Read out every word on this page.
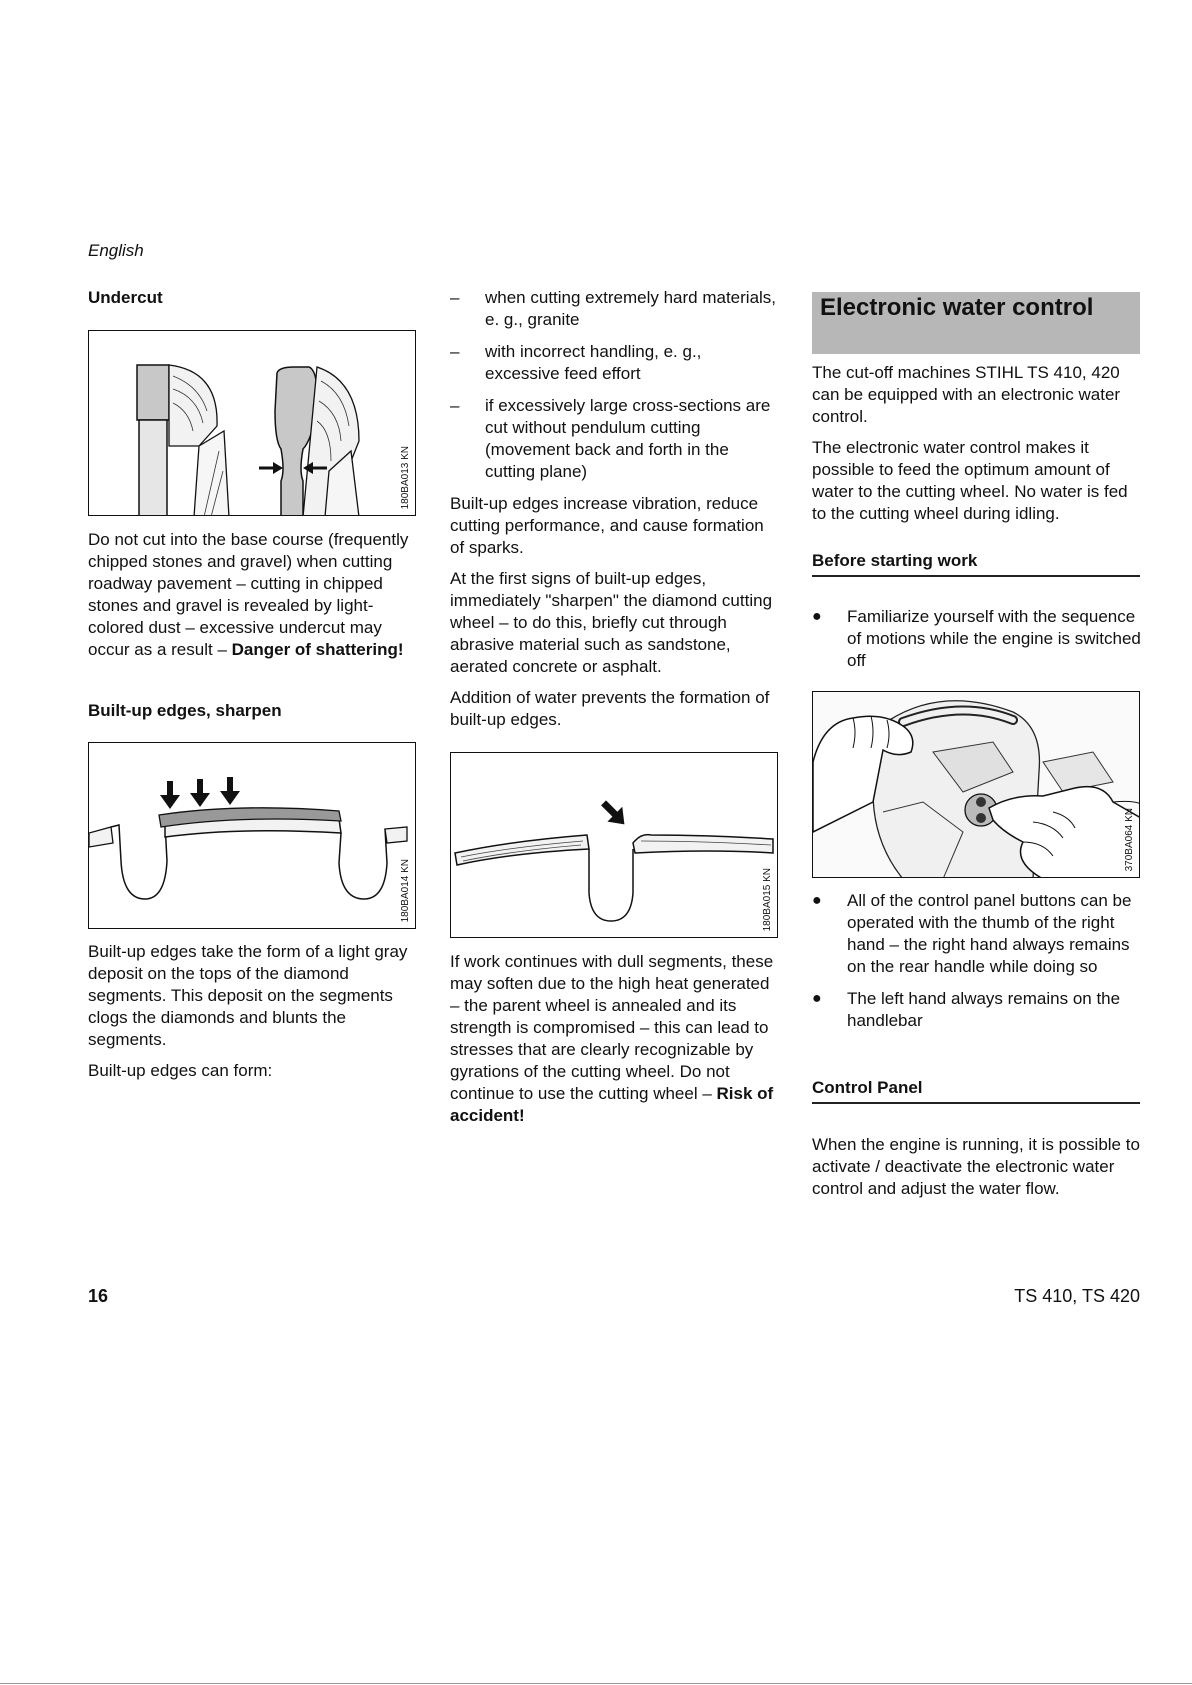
English
Undercut
180BA013 KN

Do not cut into the base course (frequently chipped stones and gravel) when cutting roadway pavement – cutting in chipped stones and gravel is revealed by light-colored dust – excessive undercut may occur as a result – Danger of shattering!

Built-up edges, sharpen
180BA014 KN

Built-up edges take the form of a light gray deposit on the tops of the diamond segments. This deposit on the segments clogs the diamonds and blunts the segments.

Built-up edges can form:

– when cutting extremely hard materials, e. g., granite
– with incorrect handling, e. g., excessive feed effort
– if excessively large cross-sections are cut without pendulum cutting (movement back and forth in the cutting plane)

Built-up edges increase vibration, reduce cutting performance, and cause formation of sparks.

At the first signs of built-up edges, immediately "sharpen" the diamond cutting wheel – to do this, briefly cut through abrasive material such as sandstone, aerated concrete or asphalt.

Addition of water prevents the formation of built-up edges.

180BA015 KN

If work continues with dull segments, these may soften due to the high heat generated – the parent wheel is annealed and its strength is compromised – this can lead to stresses that are clearly recognizable by gyrations of the cutting wheel. Do not continue to use the cutting wheel – Risk of accident!

Electronic water control

The cut-off machines STIHL TS 410, 420 can be equipped with an electronic water control.

The electronic water control makes it possible to feed the optimum amount of water to the cutting wheel. No water is fed to the cutting wheel during idling.

Before starting work
● Familiarize yourself with the sequence of motions while the engine is switched off
370BA064 KN
● All of the control panel buttons can be operated with the thumb of the right hand – the right hand always remains on the rear handle while doing so
● The left hand always remains on the handlebar
Control Panel

When the engine is running, it is possible to activate / deactivate the electronic water control and adjust the water flow.

16	TS 410, TS 420
